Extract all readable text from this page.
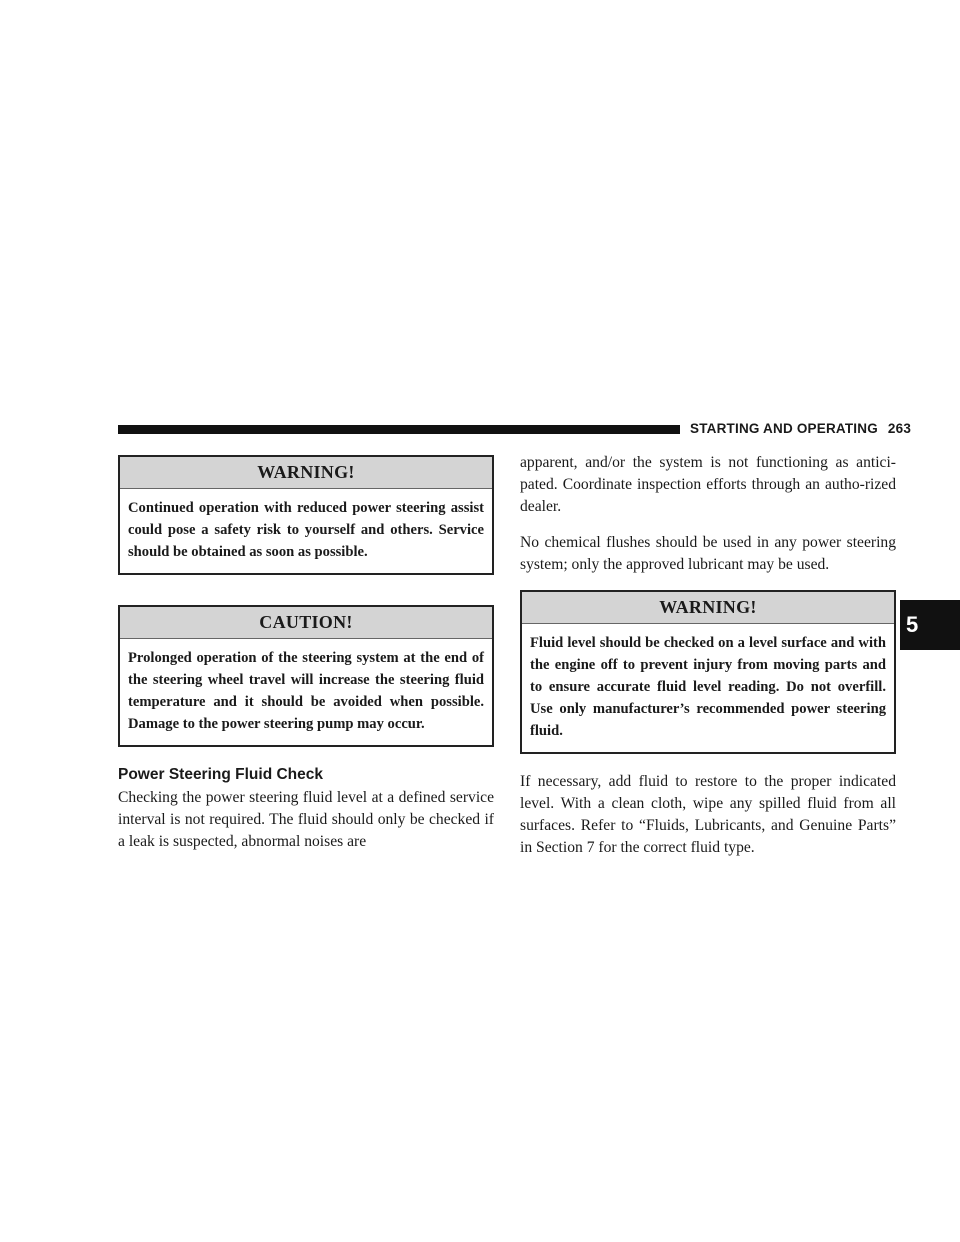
STARTING AND OPERATING 263
5
WARNING!
Continued operation with reduced power steering assist could pose a safety risk to yourself and others. Service should be obtained as soon as possible.
CAUTION!
Prolonged operation of the steering system at the end of the steering wheel travel will increase the steering fluid temperature and it should be avoided when possible. Damage to the power steering pump may occur.
Power Steering Fluid Check

Checking the power steering fluid level at a defined service interval is not required. The fluid should only be checked if a leak is suspected, abnormal noises are

apparent, and/or the system is not functioning as antici-pated. Coordinate inspection efforts through an autho-rized dealer.

No chemical flushes should be used in any power steering system; only the approved lubricant may be used.

WARNING!
Fluid level should be checked on a level surface and with the engine off to prevent injury from moving parts and to ensure accurate fluid level reading. Do not overfill. Use only manufacturer’s recommended power steering fluid.

If necessary, add fluid to restore to the proper indicated level. With a clean cloth, wipe any spilled fluid from all surfaces. Refer to “Fluids, Lubricants, and Genuine Parts” in Section 7 for the correct fluid type.
